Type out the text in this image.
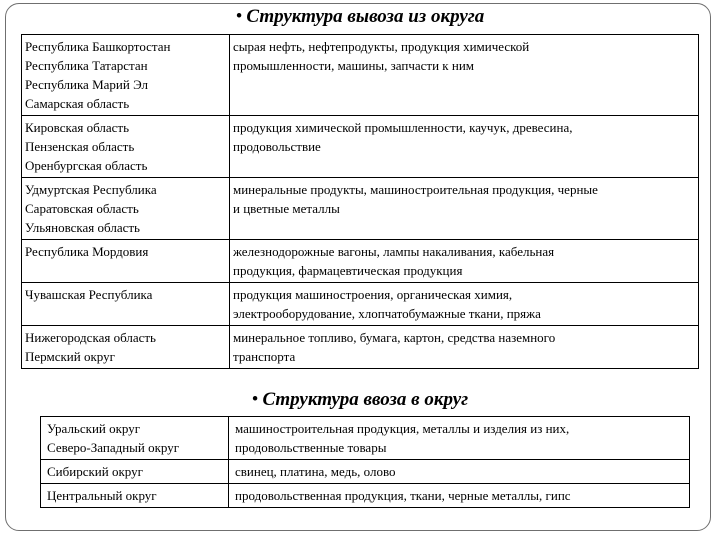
• Структура вывоза из округа
Республика Башкортостан
Республика Татарстан
Республика Марий Эл
Самарская область	сырая нефть, нефтепродукты, продукция химической
промышленности, машины, запчасти к ним

Кировская область
Пензенская область
Оренбургская область	продукция химической промышленности, каучук, древесина,
продовольствие

Удмуртская Республика
Саратовская область
Ульяновская область	минеральные продукты, машиностроительная продукция, черные
и цветные металлы

Республика Мордовия	железнодорожные вагоны, лампы накаливания, кабельная
продукция, фармацевтическая продукция

Чувашская Республика	продукция машиностроения, органическая химия,
электрооборудование, хлопчатобумажные ткани, пряжа

Нижегородская область
Пермский округ	минеральное топливо, бумага, картон, средства наземного
транспорта
• Структура ввоза в округ
Уральский округ
Северо-Западный округ	машиностроительная продукция, металлы и изделия из них,
продовольственные товары

Сибирский округ	свинец, платина, медь, олово

Центральный округ	продовольственная продукция, ткани, черные металлы, гипс
